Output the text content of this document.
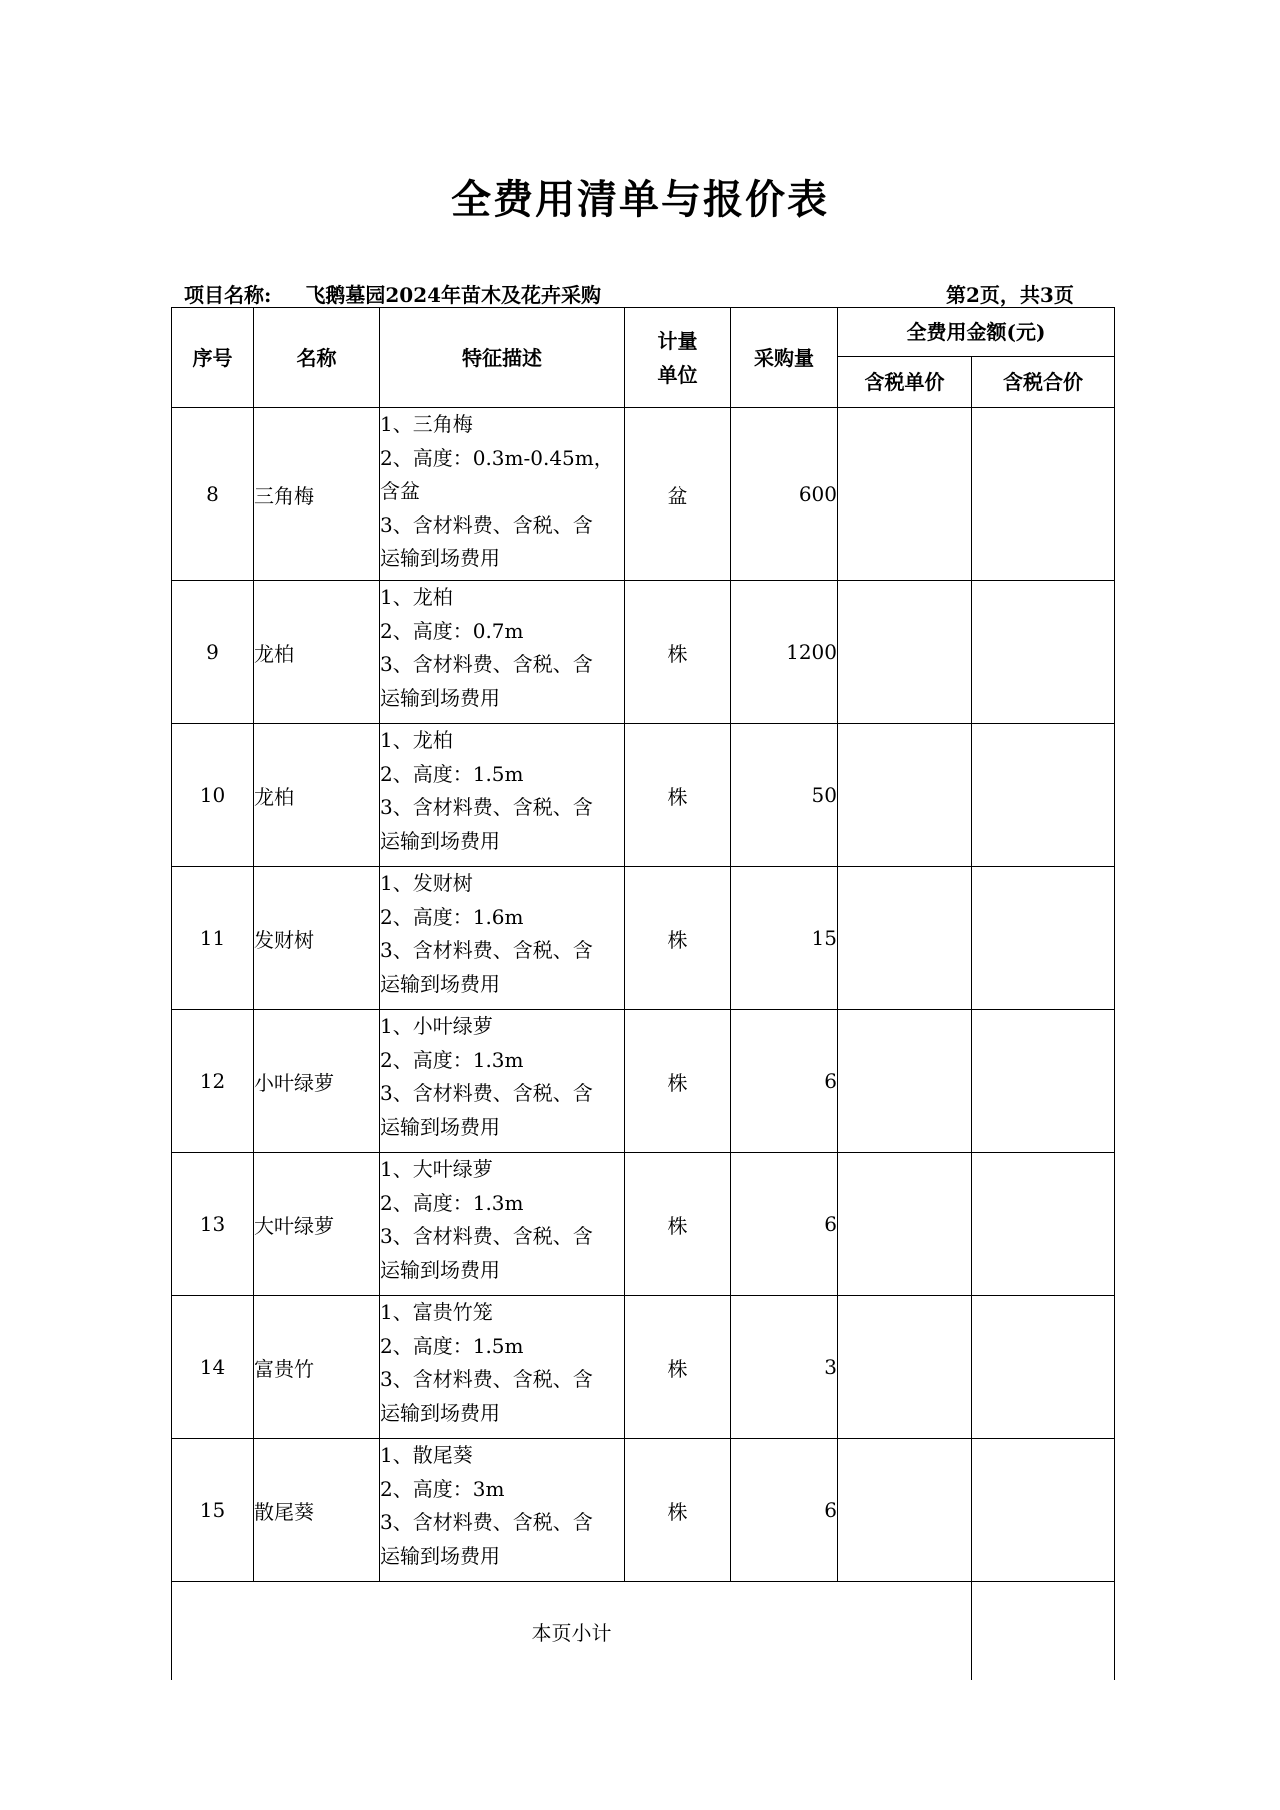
全费用清单与报价表
项目名称: 飞鹅墓园2024年苗木及花卉采购	第2页，共3页
序号	名称	特征描述	计量
单位	采购量	全费用金额(元)	
					含税单价	含税合价
8	三角梅	1、三角梅
2、高度：0.3m-0.45m，
含盆
3、含材料费、含税、含
运输到场费用	盆	600		
9	龙柏	1、龙柏
2、高度：0.7m
3、含材料费、含税、含
运输到场费用	株	1200		
10	龙柏	1、龙柏
2、高度：1.5m
3、含材料费、含税、含
运输到场费用	株	50		
11	发财树	1、发财树
2、高度：1.6m
3、含材料费、含税、含
运输到场费用	株	15		
12	小叶绿萝	1、小叶绿萝
2、高度：1.3m
3、含材料费、含税、含
运输到场费用	株	6		
13	大叶绿萝	1、大叶绿萝
2、高度：1.3m
3、含材料费、含税、含
运输到场费用	株	6		
14	富贵竹	1、富贵竹笼
2、高度：1.5m
3、含材料费、含税、含
运输到场费用	株	3		
15	散尾葵	1、散尾葵
2、高度：3m
3、含材料费、含税、含
运输到场费用	株	6		
本页小计						
